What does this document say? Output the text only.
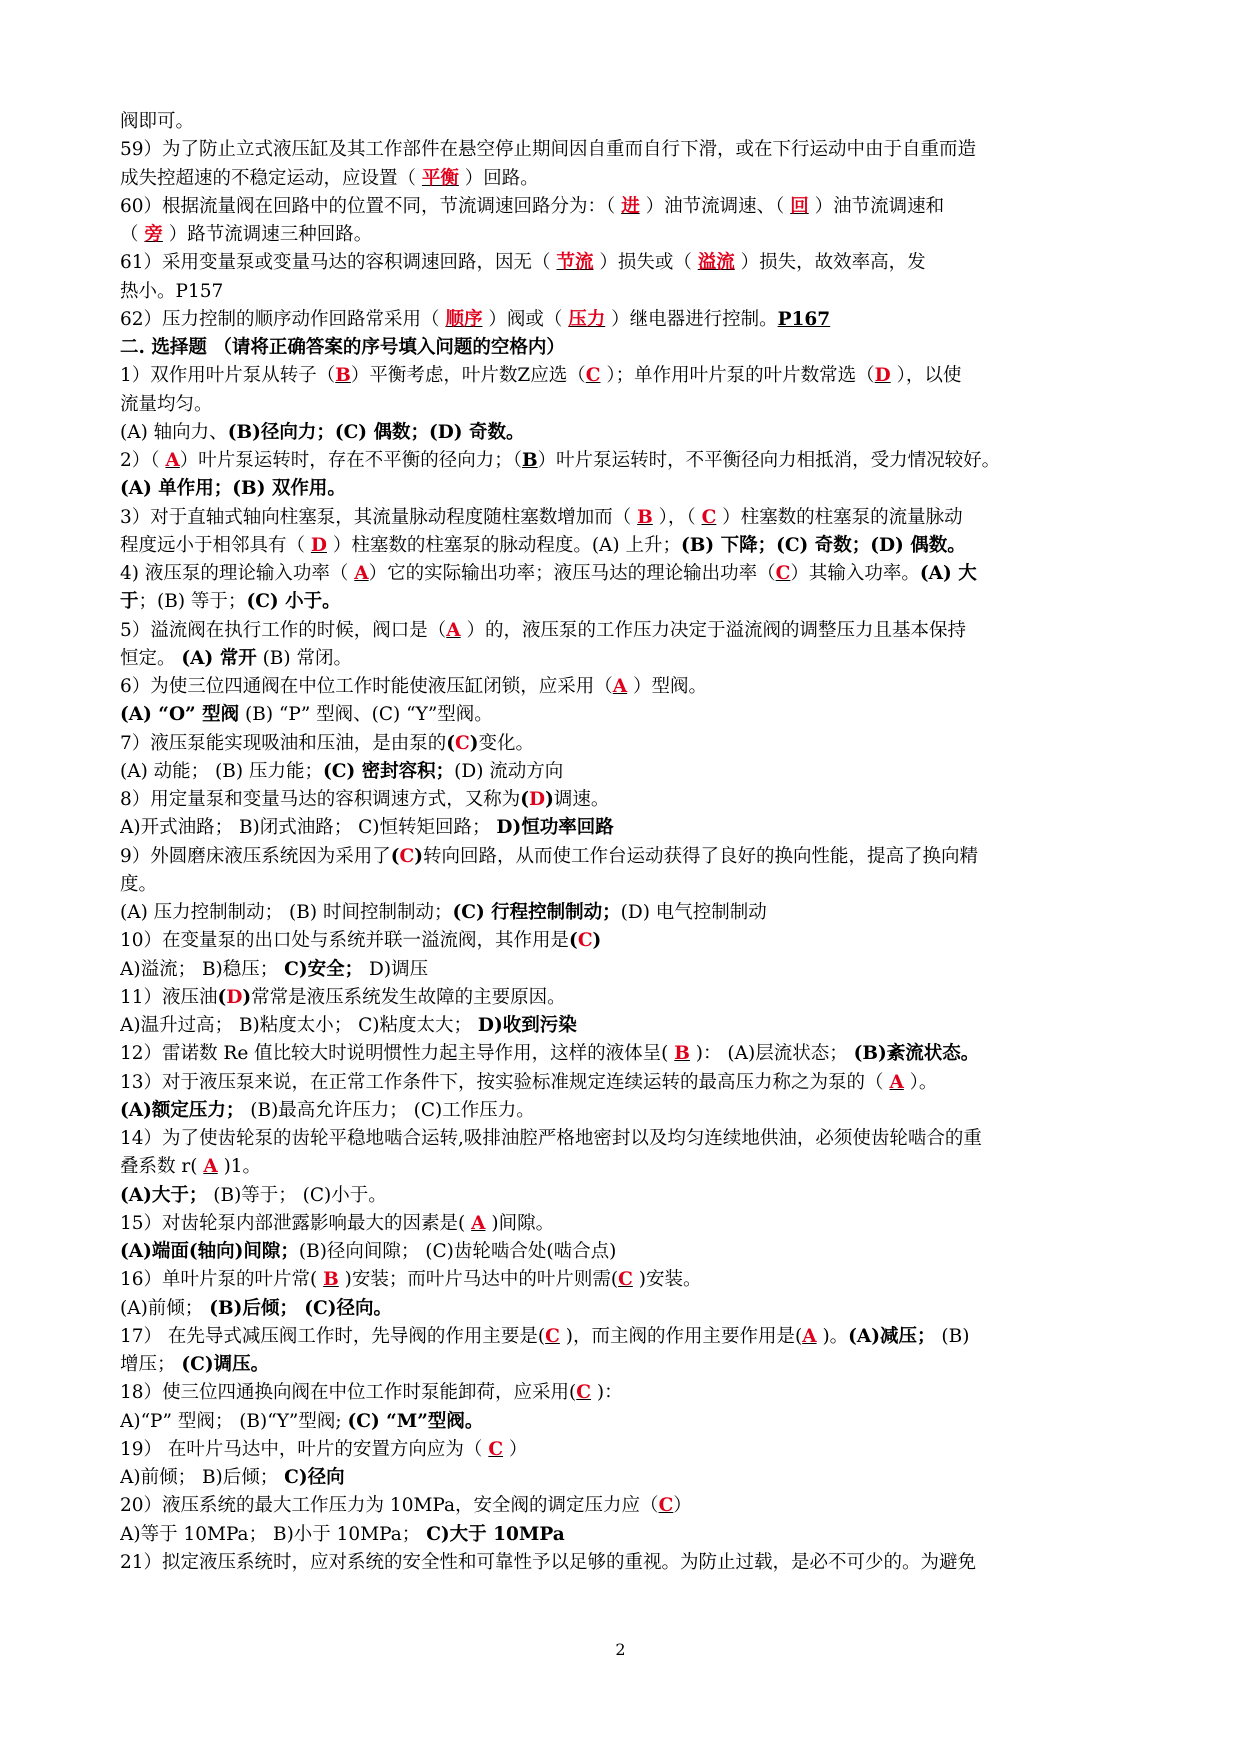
阀即可。
59）为了防止立式液压缸及其工作部件在悬空停止期间因自重而自行下滑，或在下行运动中由于自重而造
成失控超速的不稳定运动，应设置（ 平衡 ）回路。
60）根据流量阀在回路中的位置不同，节流调速回路分为：（ 进 ）油节流调速、（ 回 ）油节流调速和
（ 旁 ）路节流调速三种回路。
61）采用变量泵或变量马达的容积调速回路，因无（ 节流 ）损失或（ 溢流 ）损失，故效率高，发
热小。P157
62）压力控制的顺序动作回路常采用（ 顺序 ）阀或（ 压力 ）继电器进行控制。P167
二. 选择题 （请将正确答案的序号填入问题的空格内）
1）双作用叶片泵从转子（B）平衡考虑，叶片数Z应选（C ）；单作用叶片泵的叶片数常选（D ），以使
流量均匀。
(A) 轴向力、(B)径向力；(C) 偶数；(D) 奇数。
2）（ A）叶片泵运转时，存在不平衡的径向力；（B）叶片泵运转时，不平衡径向力相抵消，受力情况较好。
(A) 单作用；(B) 双作用。
3）对于直轴式轴向柱塞泵，其流量脉动程度随柱塞数增加而（ B ），（ C ）柱塞数的柱塞泵的流量脉动
程度远小于相邻具有（ D ）柱塞数的柱塞泵的脉动程度。(A) 上升；(B) 下降；(C) 奇数；(D) 偶数。
4) 液压泵的理论输入功率（ A）它的实际输出功率；液压马达的理论输出功率（C）其输入功率。(A) 大
于；(B) 等于；(C) 小于。
5）溢流阀在执行工作的时候，阀口是（A ）的，液压泵的工作压力决定于溢流阀的调整压力且基本保持
恒定。 (A) 常开 (B) 常闭。
6）为使三位四通阀在中位工作时能使液压缸闭锁，应采用（A ）型阀。
(A) “O” 型阀 (B) “P” 型阀、(C) “Y”型阀。
7）液压泵能实现吸油和压油，是由泵的(C)变化。
(A) 动能； (B) 压力能；(C) 密封容积；(D) 流动方向
8）用定量泵和变量马达的容积调速方式，又称为(D)调速。
A)开式油路； B)闭式油路； C)恒转矩回路； D)恒功率回路
9）外圆磨床液压系统因为采用了(C)转向回路，从而使工作台运动获得了良好的换向性能，提高了换向精
度。
(A) 压力控制制动； (B) 时间控制制动；(C) 行程控制制动；(D) 电气控制制动
10）在变量泵的出口处与系统并联一溢流阀，其作用是(C)
A)溢流； B)稳压； C)安全； D)调压
11）液压油(D)常常是液压系统发生故障的主要原因。
A)温升过高； B)粘度太小； C)粘度太大； D)收到污染
12）雷诺数 Re 值比较大时说明惯性力起主导作用，这样的液体呈( B )： (A)层流状态； (B)紊流状态。
13）对于液压泵来说，在正常工作条件下，按实验标准规定连续运转的最高压力称之为泵的（ A ）。
(A)额定压力； (B)最高允许压力； (C)工作压力。
14）为了使齿轮泵的齿轮平稳地啮合运转,吸排油腔严格地密封以及均匀连续地供油，必须使齿轮啮合的重
叠系数 r( A )1。
(A)大于； (B)等于； (C)小于。
15）对齿轮泵内部泄露影响最大的因素是( A )间隙。
(A)端面(轴向)间隙；(B)径向间隙； (C)齿轮啮合处(啮合点)
16）单叶片泵的叶片常( B )安装；而叶片马达中的叶片则需(C )安装。
(A)前倾； (B)后倾； (C)径向。
17） 在先导式减压阀工作时，先导阀的作用主要是(C )，而主阀的作用主要作用是(A )。(A)减压； (B)
增压； (C)调压。
18）使三位四通换向阀在中位工作时泵能卸荷，应采用(C )：
A)“P” 型阀； (B)“Y”型阀; (C) “M”型阀。
19） 在叶片马达中，叶片的安置方向应为（ C ）
A)前倾； B)后倾； C)径向
20）液压系统的最大工作压力为 10MPa，安全阀的调定压力应（C）
A)等于 10MPa； B)小于 10MPa； C)大于 10MPa
21）拟定液压系统时，应对系统的安全性和可靠性予以足够的重视。为防止过载，是必不可少的。为避免
2
